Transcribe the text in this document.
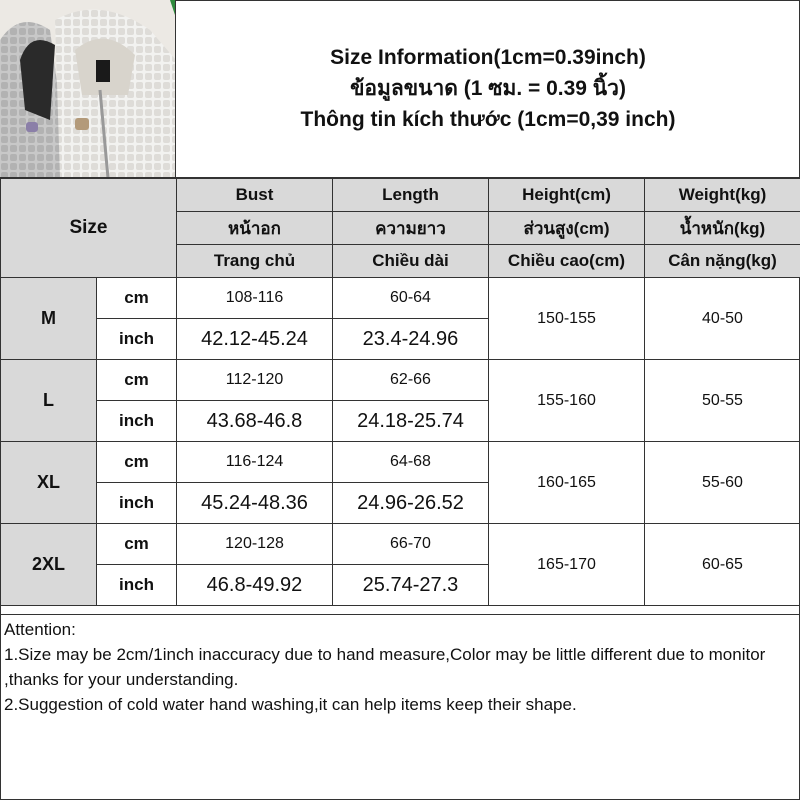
Size Information(1cm=0.39inch)
ข้อมูลขนาด (1 ซม. = 0.39 นิ้ว)
Thông tin kích thước (1cm=0,39 inch)
Size		Bust	Length	Height(cm)	Weight(kg)
		หน้าอก	ความยาว	ส่วนสูง(cm)	น้ำหนัก(kg)
		Trang chủ	Chiều dài	Chiều cao(cm)	Cân nặng(kg)
M	cm	108-116	60-64	150-155	40-50
	inch	42.12-45.24	23.4-24.96		
L	cm	112-120	62-66	155-160	50-55
	inch	43.68-46.8	24.18-25.74		
XL	cm	116-124	64-68	160-165	55-60
	inch	45.24-48.36	24.96-26.52		
2XL	cm	120-128	66-70	165-170	60-65
	inch	46.8-49.92	25.74-27.3		
Attention:
1.Size may be 2cm/1inch inaccuracy due to hand measure,Color may be little different due to monitor ,thanks for your understanding.
2.Suggestion of cold water hand washing,it can help items keep their shape.
